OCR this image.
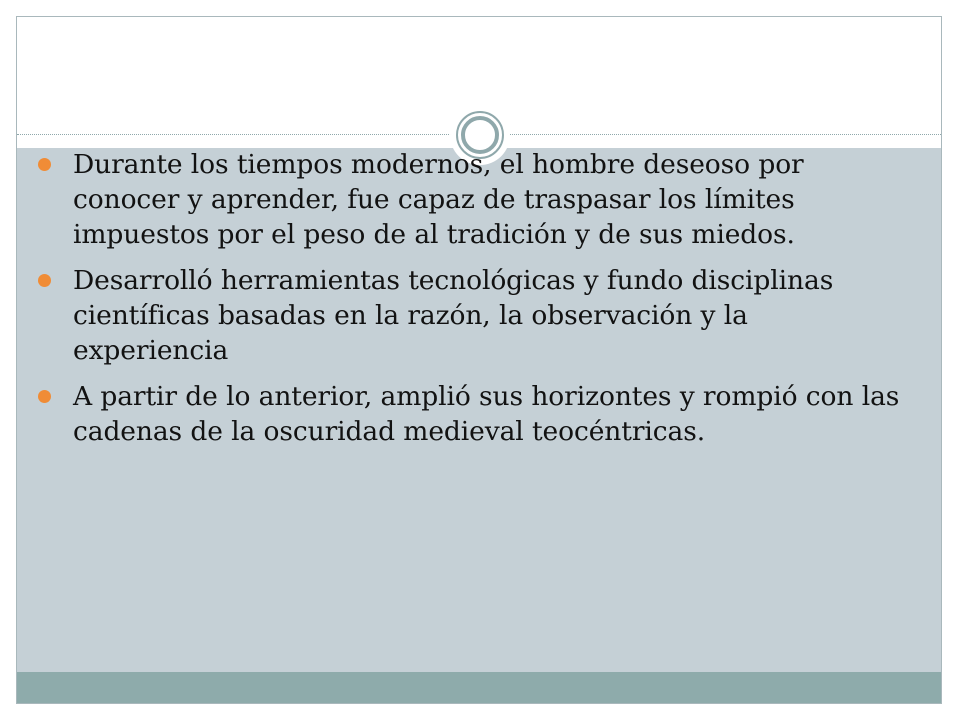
Durante los tiempos modernos, el hombre deseoso por conocer y aprender, fue capaz de traspasar los límites impuestos por el peso de al tradición y de sus miedos.
Desarrolló herramientas tecnológicas y fundo disciplinas científicas basadas en la razón, la observación y la experiencia
A partir de lo anterior, amplió sus horizontes y rompió con las cadenas de la oscuridad medieval teocéntricas.
